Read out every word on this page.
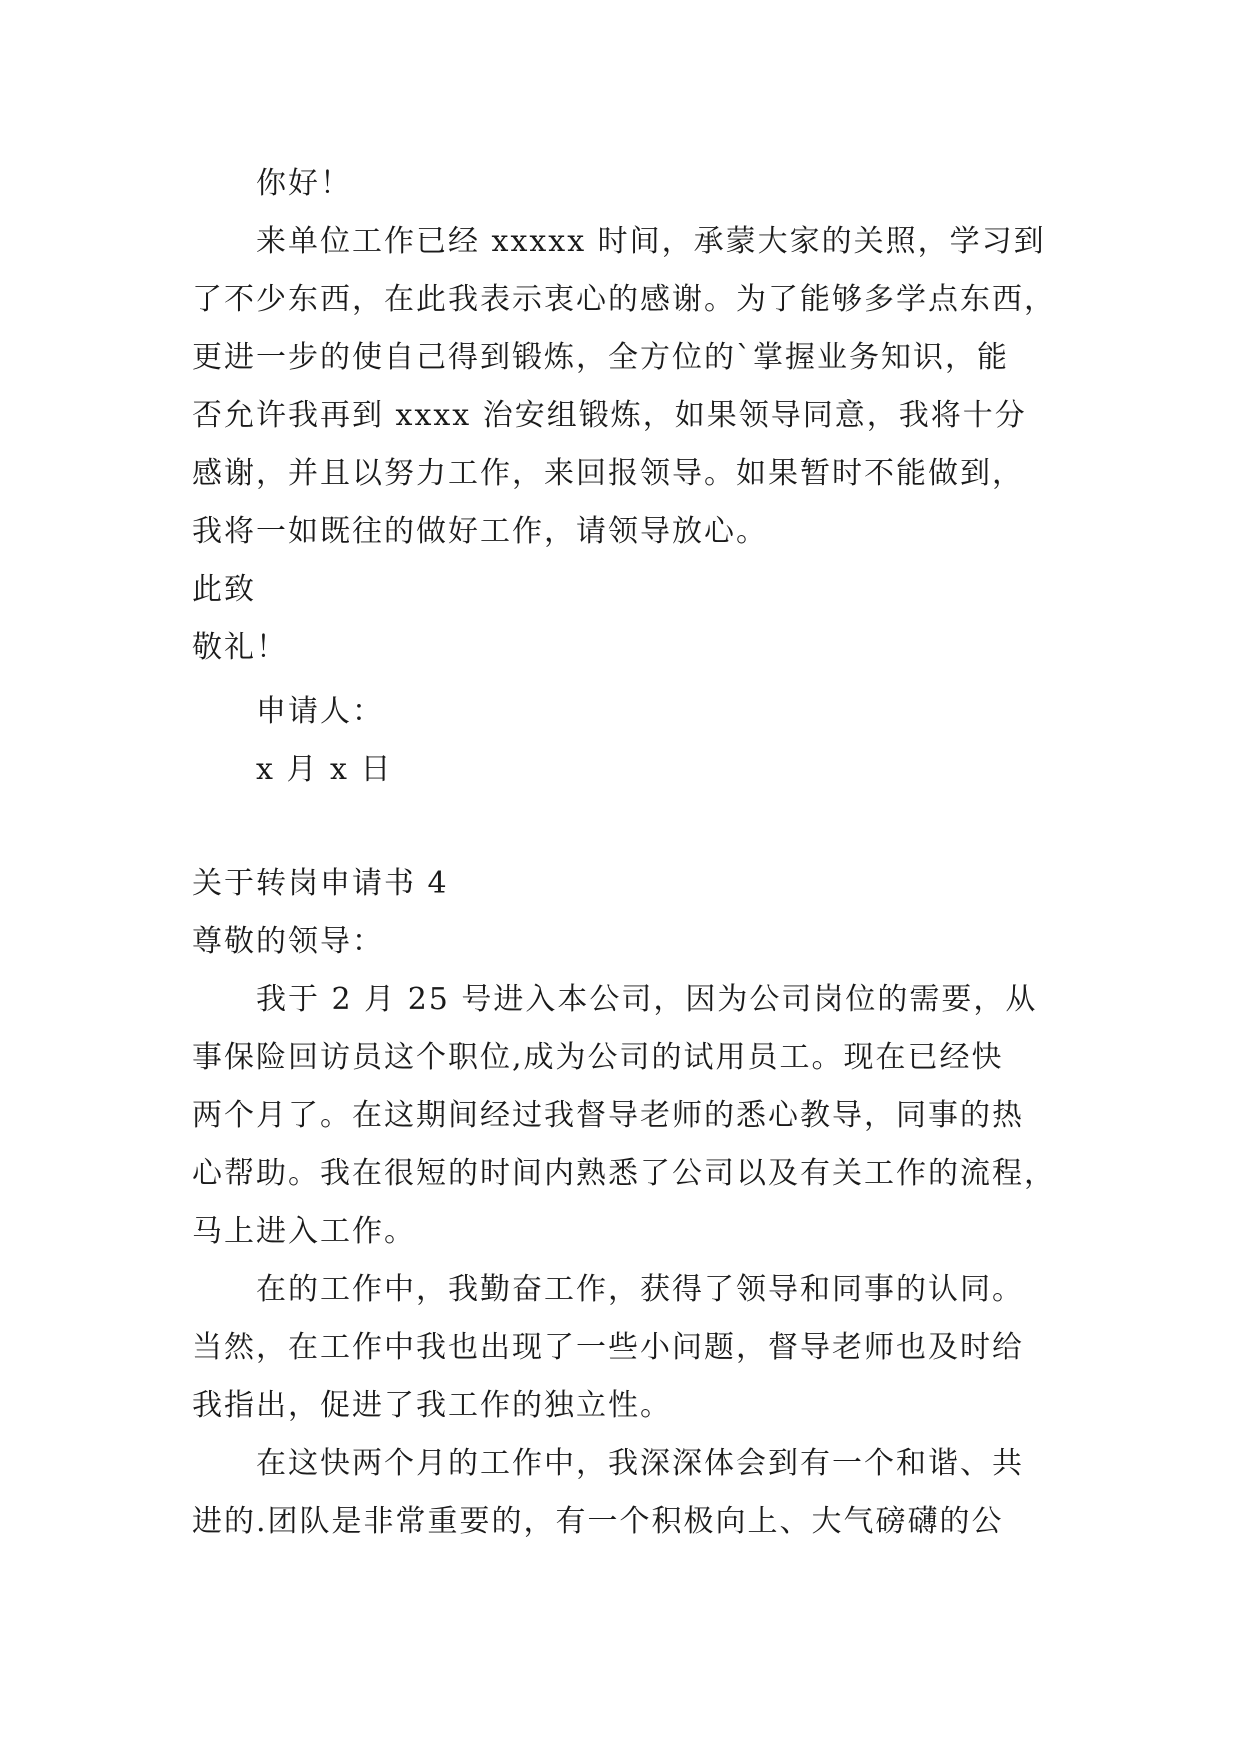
你好！
来单位工作已经 xxxxx 时间，承蒙大家的关照，学习到
了不少东西，在此我表示衷心的感谢。为了能够多学点东西，
更进一步的使自己得到锻炼，全方位的`掌握业务知识，能
否允许我再到 xxxx 治安组锻炼，如果领导同意，我将十分
感谢，并且以努力工作，来回报领导。如果暂时不能做到，
我将一如既往的做好工作，请领导放心。
此致
敬礼！
申请人：
x 月 x 日
关于转岗申请书 4
尊敬的领导：
我于 2 月 25 号进入本公司，因为公司岗位的需要，从
事保险回访员这个职位,成为公司的试用员工。现在已经快
两个月了。在这期间经过我督导老师的悉心教导，同事的热
心帮助。我在很短的时间内熟悉了公司以及有关工作的流程，
马上进入工作。
在的工作中，我勤奋工作，获得了领导和同事的认同。
当然，在工作中我也出现了一些小问题，督导老师也及时给
我指出，促进了我工作的独立性。
在这快两个月的工作中，我深深体会到有一个和谐、共
进的.团队是非常重要的，有一个积极向上、大气磅礴的公
